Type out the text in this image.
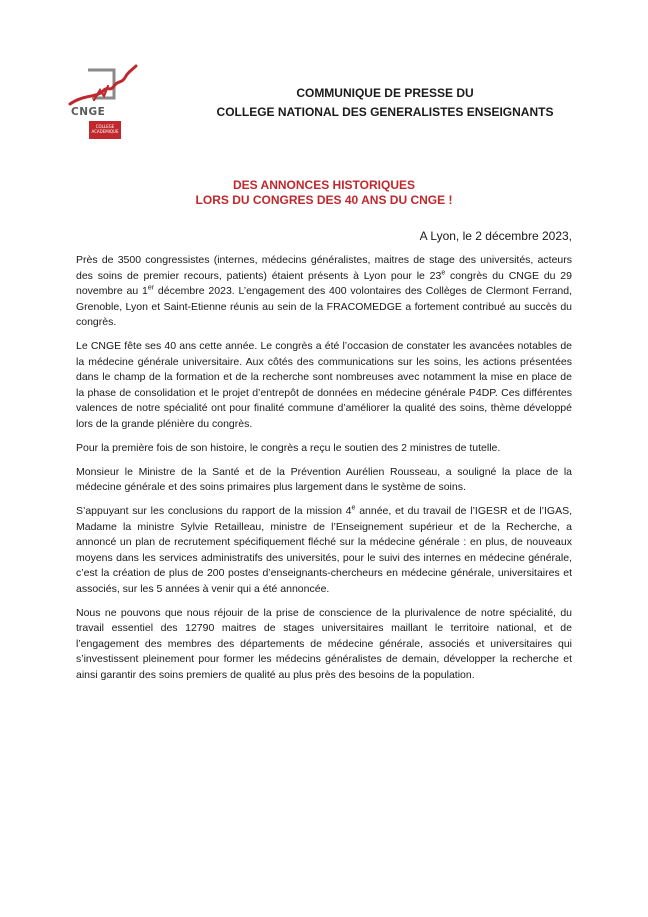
CNGE
COLLEGE
ACADEMIQUE
COMMUNIQUE DE PRESSE DU
COLLEGE NATIONAL DES GENERALISTES ENSEIGNANTS
DES ANNONCES HISTORIQUES
LORS DU CONGRES DES 40 ANS DU CNGE !
A Lyon, le 2 décembre 2023,

Près de 3500 congressistes (internes, médecins généralistes, maitres de stage des universités, acteurs des soins de premier recours, patients) étaient présents à Lyon pour le 23e congrès du CNGE du 29 novembre au 1er décembre 2023. L’engagement des 400 volontaires des Collèges de Clermont Ferrand, Grenoble, Lyon et Saint-Etienne réunis au sein de la FRACOMEDGE a fortement contribué au succès du congrès.

Le CNGE fête ses 40 ans cette année. Le congrès a été l’occasion de constater les avancées notables de la médecine générale universitaire. Aux côtés des communications sur les soins, les actions présentées dans le champ de la formation et de la recherche sont nombreuses avec notamment la mise en place de la phase de consolidation et le projet d’entrepôt de données en médecine générale P4DP. Ces différentes valences de notre spécialité ont pour finalité commune d’améliorer la qualité des soins, thème développé lors de la grande plénière du congrès.

Pour la première fois de son histoire, le congrès a reçu le soutien des 2 ministres de tutelle.

Monsieur le Ministre de la Santé et de la Prévention Aurélien Rousseau, a souligné la place de la médecine générale et des soins primaires plus largement dans le système de soins.

S’appuyant sur les conclusions du rapport de la mission 4e année, et du travail de l’IGESR et de l’IGAS, Madame la ministre Sylvie Retailleau, ministre de l’Enseignement supérieur et de la Recherche, a annoncé un plan de recrutement spécifiquement fléché sur la médecine générale : en plus, de nouveaux moyens dans les services administratifs des universités, pour le suivi des internes en médecine générale, c’est la création de plus de 200 postes d’enseignants-chercheurs en médecine générale, universitaires et associés, sur les 5 années à venir qui a été annoncée.

Nous ne pouvons que nous réjouir de la prise de conscience de la plurivalence de notre spécialité, du travail essentiel des 12790 maitres de stages universitaires maillant le territoire national, et de l’engagement des membres des départements de médecine générale, associés et universitaires qui s’investissent pleinement pour former les médecins généralistes de demain, développer la recherche et ainsi garantir des soins premiers de qualité au plus près des besoins de la population.
